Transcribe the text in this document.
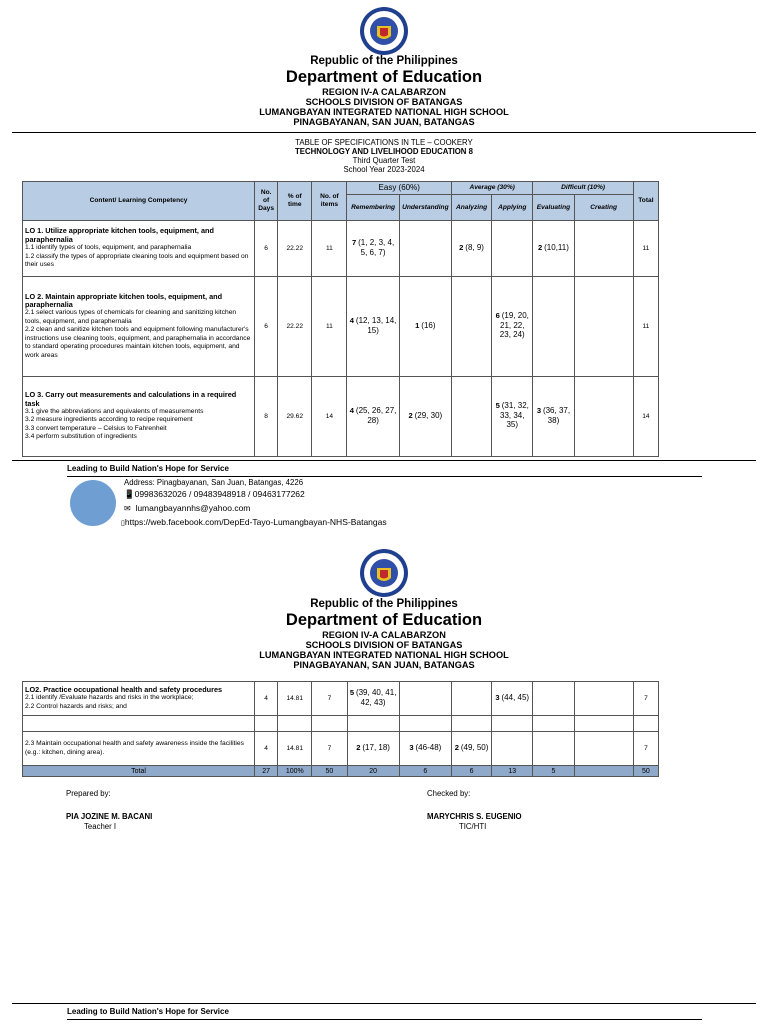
Republic of the Philippines
Department of Education
REGION IV-A CALABARZON
SCHOOLS DIVISION OF BATANGAS
LUMANGBAYAN INTEGRATED NATIONAL HIGH SCHOOL
PINAGBAYANAN, SAN JUAN, BATANGAS
TABLE OF SPECIFICATIONS IN TLE – COOKERY
TECHNOLOGY AND LIVELIHOOD EDUCATION 8
Third Quarter Test
School Year 2023-2024
Content/ Learning Competency	No. of Days	% of time	No. of items	Easy (60%)		Average (30%)		Difficult (10%)		Total
				Remembering	Understanding	Analyzing	Applying	Evaluating	Creating	

LO 1. Utilize appropriate kitchen tools, equipment, and paraphernalia
1.1 identify types of tools, equipment, and paraphernalia
1.2 classify the types of appropriate cleaning tools and equipment based on their uses	6	22.22	11	7 (1, 2, 3, 4, 5, 6, 7)		2 (8, 9)		2 (10,11)		11

LO 2. Maintain appropriate kitchen tools, equipment, and paraphernalia
2.1 select various types of chemicals for cleaning and sanitizing kitchen tools, equipment, and paraphernalia
2.2 clean and sanitize kitchen tools and equipment following manufacturer's instructions use cleaning tools, equipment, and paraphernalia in accordance to standard operating procedures maintain kitchen tools, equipment, and work areas	6	22.22	11	4 (12, 13, 14, 15)	1 (16)		6 (19, 20, 21, 22, 23, 24)			11

LO 3. Carry out measurements and calculations in a required task
3.1 give the abbreviations and equivalents of measurements
3.2 measure ingredients according to recipe requirement
3.3 convert temperature – Celsius to Fahrenheit
3.4 perform substitution of ingredients	8	29.62	14	4 (25, 26, 27, 28)	2 (29, 30)		5 (31, 32, 33, 34, 35)	3 (36, 37, 38)		14
Leading to Build Nation's Hope for Service
Address: Pinagbayanan, San Juan, Batangas, 4226
📱09983632026 / 09483948918 / 09463177262
✉ lumangbayannhs@yahoo.com
▯https://web.facebook.com/DepEd-Tayo-Lumangbayan-NHS-Batangas
Republic of the Philippines
Department of Education
REGION IV-A CALABARZON
SCHOOLS DIVISION OF BATANGAS
LUMANGBAYAN INTEGRATED NATIONAL HIGH SCHOOL
PINAGBAYANAN, SAN JUAN, BATANGAS
LO2. Practice occupational health and safety procedures
2.1 identify /Evaluate hazards and risks in the workplace;
2.2 Control hazards and risks; and	4	14.81	7	5 (39, 40, 41, 42, 43)			3 (44, 45)			7

2.3 Maintain occupational health and safety awareness inside the facilities (e.g.: kitchen, dining area).	4	14.81	7	2 (17, 18)	3 (46-48)	2 (49, 50)				7
Total	27	100%	50	20	6	6	13	5		50
Prepared by:
PIA JOZINE M. BACANI
Teacher I
Checked by:
MARYCHRIS S. EUGENIO
TIC/HTI
Leading to Build Nation's Hope for Service
